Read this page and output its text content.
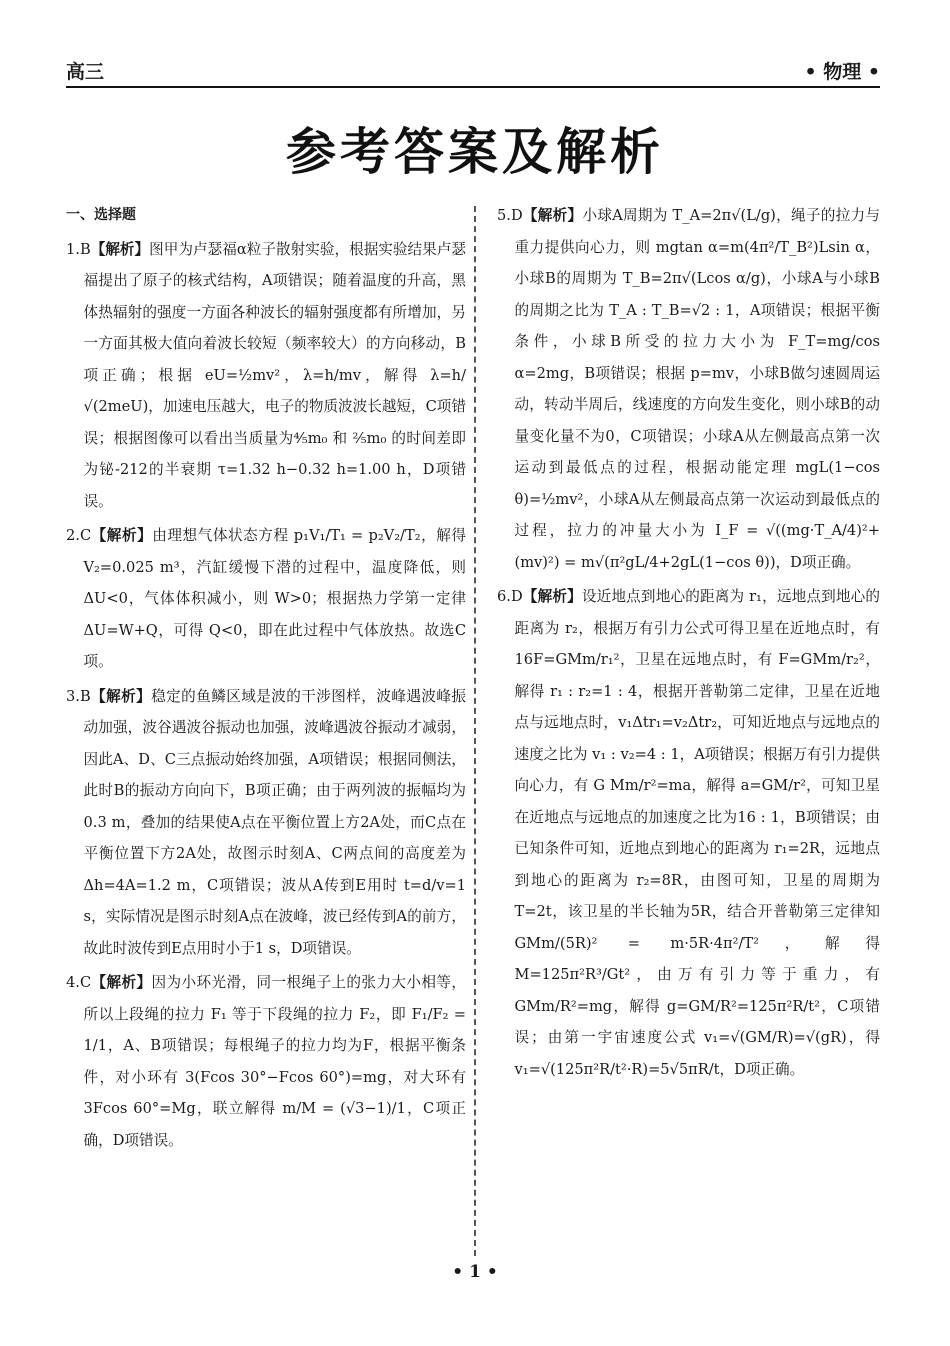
高三	• 物理 •
参考答案及解析
一、选择题

1.B【解析】图甲为卢瑟福α粒子散射实验，根据实验结果卢瑟福提出了原子的核式结构，A项错误；随着温度的升高，黑体热辐射的强度一方面各种波长的辐射强度都有所增加，另一方面其极大值向着波长较短（频率较大）的方向移动，B项正确；根据 eU=½mv²，λ=h/mv，解得 λ=h/√(2meU)，加速电压越大，电子的物质波波长越短，C项错误；根据图像可以看出当质量为⁴⁄₅m₀ 和 ²⁄₅m₀ 的时间差即为铋-212的半衰期 τ=1.32 h−0.32 h=1.00 h，D项错误。

2.C【解析】由理想气体状态方程 p₁V₁/T₁ = p₂V₂/T₂，解得 V₂=0.025 m³，汽缸缓慢下潜的过程中，温度降低，则 ΔU<0，气体体积减小，则 W>0；根据热力学第一定律 ΔU=W+Q，可得 Q<0，即在此过程中气体放热。故选C项。

3.B【解析】稳定的鱼鳞区域是波的干涉图样，波峰遇波峰振动加强，波谷遇波谷振动也加强，波峰遇波谷振动才减弱，因此A、D、C三点振动始终加强，A项错误；根据同侧法，此时B的振动方向向下，B项正确；由于两列波的振幅均为0.3 m，叠加的结果使A点在平衡位置上方2A处，而C点在平衡位置下方2A处，故图示时刻A、C两点间的高度差为 Δh=4A=1.2 m，C项错误；波从A传到E用时 t=d/v=1 s，实际情况是图示时刻A点在波峰，波已经传到A的前方，故此时波传到E点用时小于1 s，D项错误。

4.C【解析】因为小环光滑，同一根绳子上的张力大小相等，所以上段绳的拉力 F₁ 等于下段绳的拉力 F₂，即 F₁/F₂ = 1/1，A、B项错误；每根绳子的拉力均为F，根据平衡条件，对小环有 3(Fcos 30°−Fcos 60°)=mg，对大环有 3Fcos 60°=Mg，联立解得 m/M = (√3−1)/1，C项正确，D项错误。

5.D【解析】小球A周期为 T_A=2π√(L/g)，绳子的拉力与重力提供向心力，则 mgtan α=m(4π²/T_B²)Lsin α，小球B的周期为 T_B=2π√(Lcos α/g)，小球A与小球B的周期之比为 T_A : T_B=√2 : 1，A项错误；根据平衡条件，小球B所受的拉力大小为 F_T=mg/cos α=2mg，B项错误；根据 p=mv，小球B做匀速圆周运动，转动半周后，线速度的方向发生变化，则小球B的动量变化量不为0，C项错误；小球A从左侧最高点第一次运动到最低点的过程，根据动能定理 mgL(1−cos θ)=½mv²，小球A从左侧最高点第一次运动到最低点的过程，拉力的冲量大小为 I_F = √((mg·T_A/4)²+(mv)²) = m√(π²gL/4+2gL(1−cos θ))，D项正确。

6.D【解析】设近地点到地心的距离为 r₁，远地点到地心的距离为 r₂，根据万有引力公式可得卫星在近地点时，有 16F=GMm/r₁²，卫星在远地点时，有 F=GMm/r₂²，解得 r₁ : r₂=1 : 4，根据开普勒第二定律，卫星在近地点与远地点时，v₁Δtr₁=v₂Δtr₂，可知近地点与远地点的速度之比为 v₁ : v₂=4 : 1，A项错误；根据万有引力提供向心力，有 G Mm/r²=ma，解得 a=GM/r²，可知卫星在近地点与远地点的加速度之比为16 : 1，B项错误；由已知条件可知，近地点到地心的距离为 r₁=2R，远地点到地心的距离为 r₂=8R，由图可知，卫星的周期为 T=2t，该卫星的半长轴为5R，结合开普勒第三定律知 GMm/(5R)² = m·5R·4π²/T²，解得 M=125π²R³/Gt²，由万有引力等于重力，有 GMm/R²=mg，解得 g=GM/R²=125π²R/t²，C项错误；由第一宇宙速度公式 v₁=√(GM/R)=√(gR)，得 v₁=√(125π²R/t²·R)=5√5πR/t，D项正确。

• 1 •
